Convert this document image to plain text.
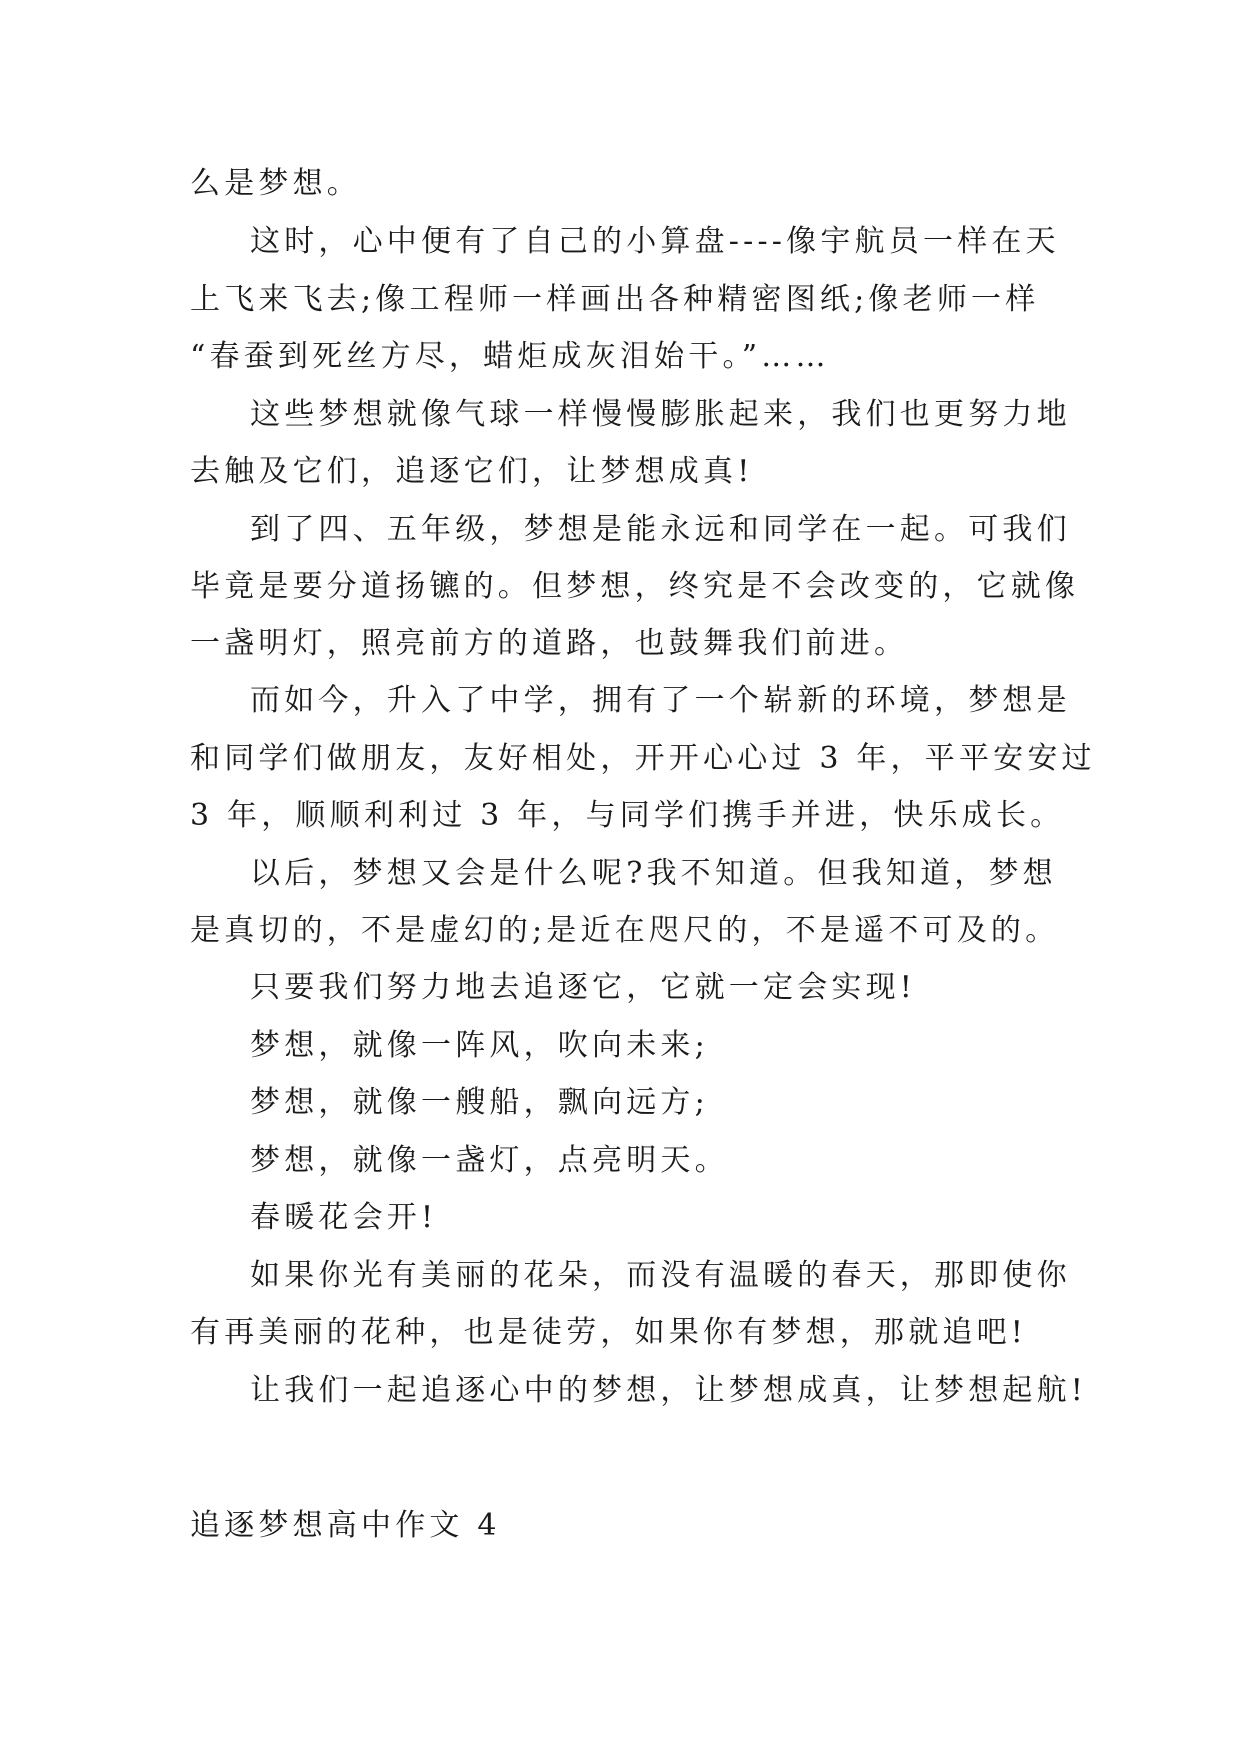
么是梦想。
这时，心中便有了自己的小算盘----像宇航员一样在天
上飞来飞去;像工程师一样画出各种精密图纸;像老师一样
“春蚕到死丝方尽，蜡炬成灰泪始干。”……
这些梦想就像气球一样慢慢膨胀起来，我们也更努力地
去触及它们，追逐它们，让梦想成真!
到了四、五年级，梦想是能永远和同学在一起。可我们
毕竟是要分道扬镳的。但梦想，终究是不会改变的，它就像
一盏明灯，照亮前方的道路，也鼓舞我们前进。
而如今，升入了中学，拥有了一个崭新的环境，梦想是
和同学们做朋友，友好相处，开开心心过 3 年，平平安安过
3 年，顺顺利利过 3 年，与同学们携手并进，快乐成长。
以后，梦想又会是什么呢?我不知道。但我知道，梦想
是真切的，不是虚幻的;是近在咫尺的，不是遥不可及的。
只要我们努力地去追逐它，它就一定会实现!
梦想，就像一阵风，吹向未来;
梦想，就像一艘船，飘向远方;
梦想，就像一盏灯，点亮明天。
春暖花会开!
如果你光有美丽的花朵，而没有温暖的春天，那即使你
有再美丽的花种，也是徒劳，如果你有梦想，那就追吧!
让我们一起追逐心中的梦想，让梦想成真，让梦想起航!
追逐梦想高中作文 4
